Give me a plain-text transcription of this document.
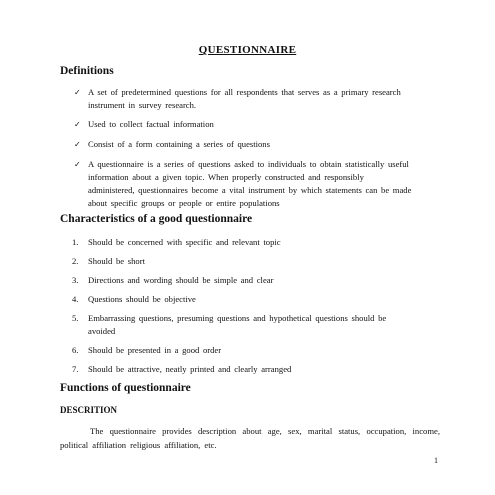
QUESTIONNAIRE
Definitions
✓ A set of predetermined questions for all respondents that serves as a primary research
instrument in survey research.
✓ Used to collect factual information
✓ Consist of a form containing a series of questions
✓ A questionnaire is a series of questions asked to individuals to obtain statistically useful
information about a given topic. When properly constructed and responsibly
administered, questionnaires become a vital instrument by which statements can be made
about specific groups or people or entire populations
Characteristics of a good questionnaire
1. Should be concerned with specific and relevant topic
2. Should be short
3. Directions and wording should be simple and clear
4. Questions should be objective
5. Embarrassing questions, presuming questions and hypothetical questions should be
avoided
6. Should be presented in a good order
7. Should be attractive, neatly printed and clearly arranged
Functions of questionnaire
DESCRITION
The questionnaire provides description about age, sex, marital status, occupation, income, political affiliation religious affiliation, etc.
1
